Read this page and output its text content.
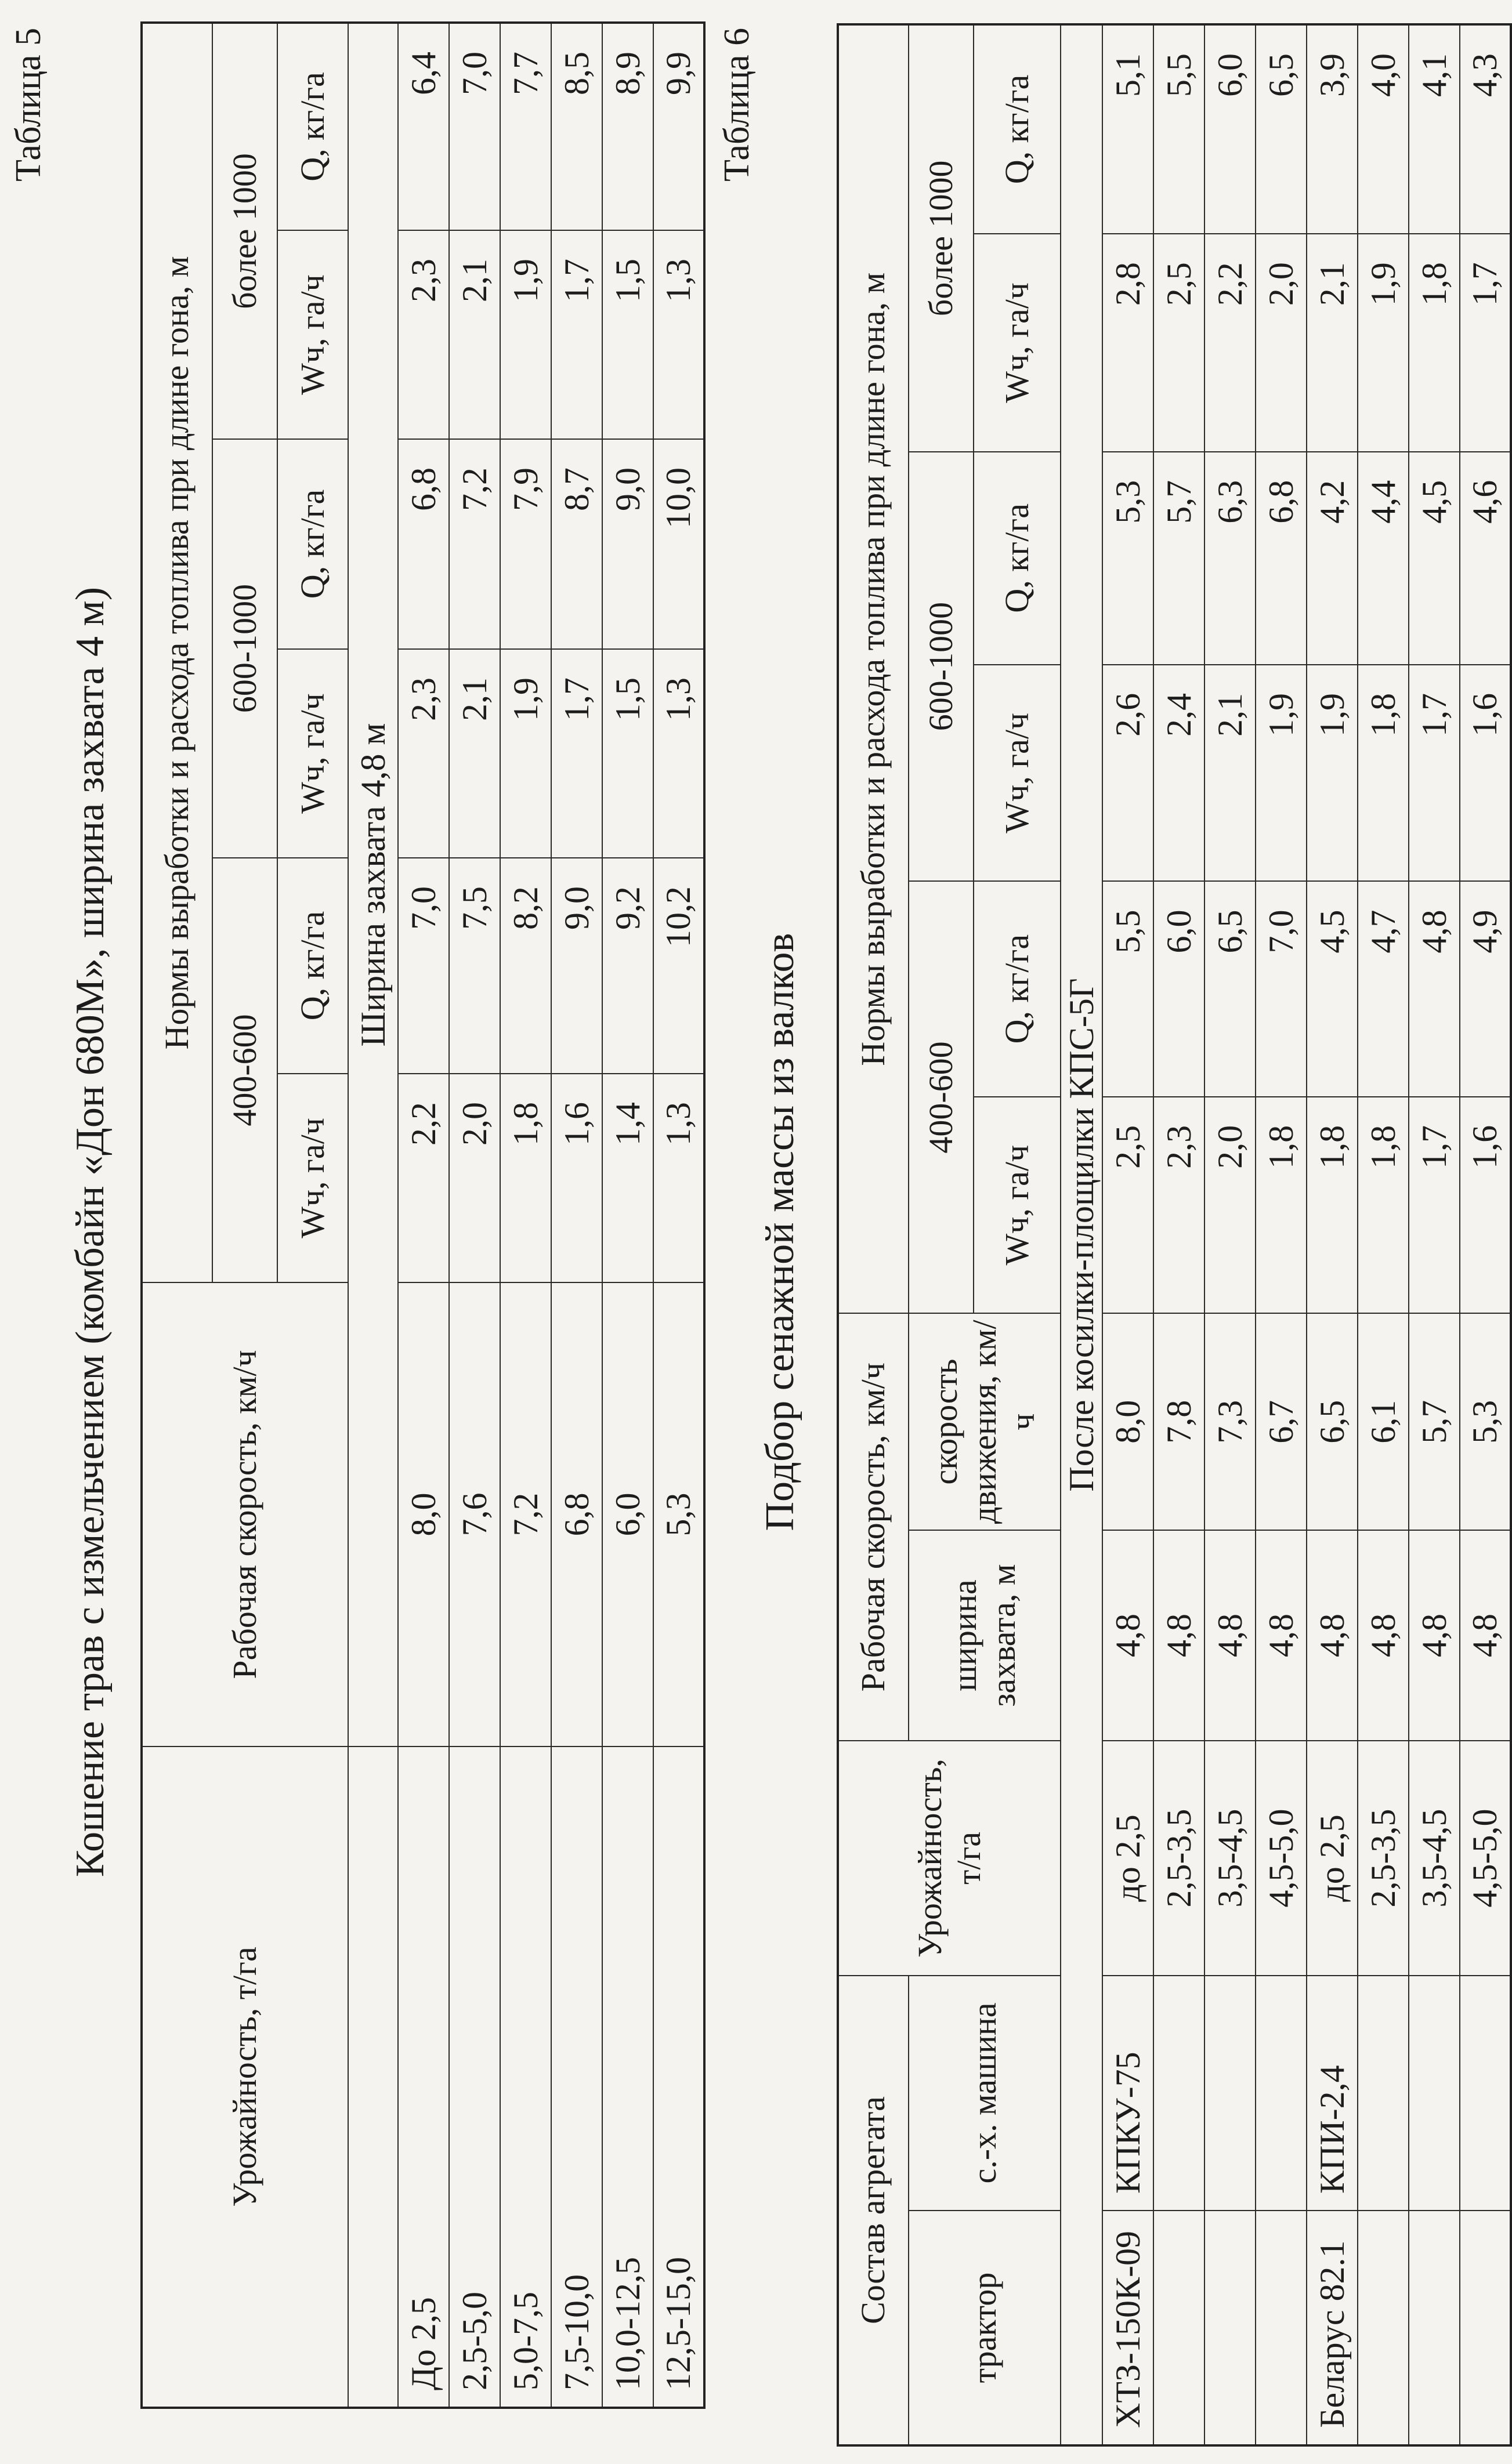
Таблица 5
Кошение трав с измельчением (комбайн «Дон 680М», ширина захвата 4 м)
Урожайность, т/га	Рабочая скорость, км/ч	Нормы выработки и расхода топлива при длине гона, м					
		400-600		600-1000		более 1000	
		Wч, га/ч	Q, кг/га	Wч, га/ч	Q, кг/га	Wч, га/ч	Q, кг/га
	Ширина захвата 4,8 м						
До 2,5	8,0	2,2	7,0	2,3	6,8	2,3	6,4
2,5-5,0	7,6	2,0	7,5	2,1	7,2	2,1	7,0
5,0-7,5	7,2	1,8	8,2	1,9	7,9	1,9	7,7
7,5-10,0	6,8	1,6	9,0	1,7	8,7	1,7	8,5
10,0-12,5	6,0	1,4	9,2	1,5	9,0	1,5	8,9
12,5-15,0	5,3	1,3	10,2	1,3	10,0	1,3	9,9 Таблица 6
Подбор сенажной массы из валков
Состав агрегата		Урожайность, т/га	Рабочая скорость, км/ч		Нормы выработки и расхода топлива при длине гона, м					
трактор	с.-х. машина		ширина захвата, м	скорость движения, км/ч	400-600		600-1000		более 1000	
					Wч, га/ч	Q, кг/га	Wч, га/ч	Q, кг/га	Wч, га/ч	Q, кг/га
После косилки-площилки КПС-5Г										
ХТЗ-150К-09	КПКУ-75	до 2,5	4,8	8,0	2,5	5,5	2,6	5,3	2,8	5,1
		2,5-3,5	4,8	7,8	2,3	6,0	2,4	5,7	2,5	5,5
		3,5-4,5	4,8	7,3	2,0	6,5	2,1	6,3	2,2	6,0
		4,5-5,0	4,8	6,7	1,8	7,0	1,9	6,8	2,0	6,5
Беларус 82.1	КПИ-2,4	до 2,5	4,8	6,5	1,8	4,5	1,9	4,2	2,1	3,9
		2,5-3,5	4,8	6,1	1,8	4,7	1,8	4,4	1,9	4,0
		3,5-4,5	4,8	5,7	1,7	4,8	1,7	4,5	1,8	4,1
		4,5-5,0	4,8	5,3	1,6	4,9	1,6	4,6	1,7	4,3
